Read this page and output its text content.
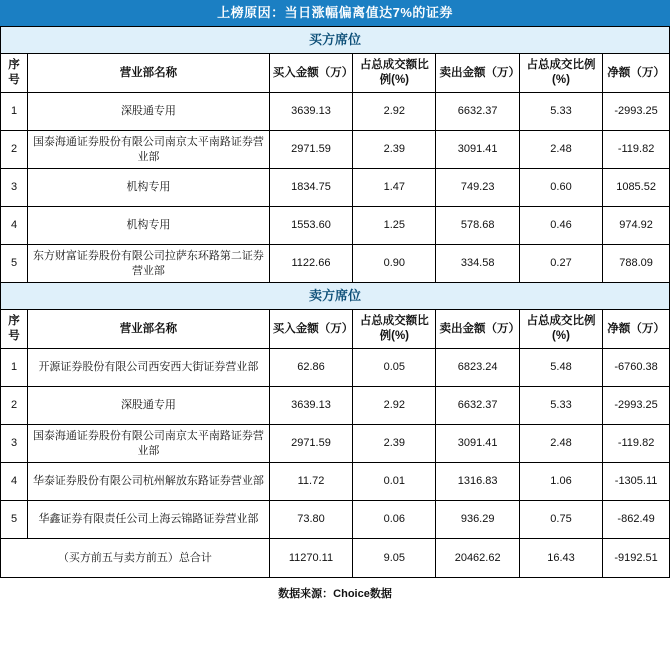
上榜原因：当日涨幅偏离值达7%的证券
买方席位						
序号	营业部名称	买入金额（万）	占总成交额比例(%)	卖出金额（万）	占总成交比例(%)	净额（万）
1	深股通专用	3639.13	2.92	6632.37	5.33	-2993.25
2	国泰海通证券股份有限公司南京太平南路证券营业部	2971.59	2.39	3091.41	2.48	-119.82
3	机构专用	1834.75	1.47	749.23	0.60	1085.52
4	机构专用	1553.60	1.25	578.68	0.46	974.92
5	东方财富证券股份有限公司拉萨东环路第二证券营业部	1122.66	0.90	334.58	0.27	788.09
卖方席位						
序号	营业部名称	买入金额（万）	占总成交额比例(%)	卖出金额（万）	占总成交比例(%)	净额（万）
1	开源证券股份有限公司西安西大街证券营业部	62.86	0.05	6823.24	5.48	-6760.38
2	深股通专用	3639.13	2.92	6632.37	5.33	-2993.25
3	国泰海通证券股份有限公司南京太平南路证券营业部	2971.59	2.39	3091.41	2.48	-119.82
4	华泰证券股份有限公司杭州解放东路证券营业部	11.72	0.01	1316.83	1.06	-1305.11
5	华鑫证券有限责任公司上海云锦路证券营业部	73.80	0.06	936.29	0.75	-862.49
（买方前五与卖方前五）总合计		11270.11	9.05	20462.62	16.43	-9192.51
数据来源：Choice数据
